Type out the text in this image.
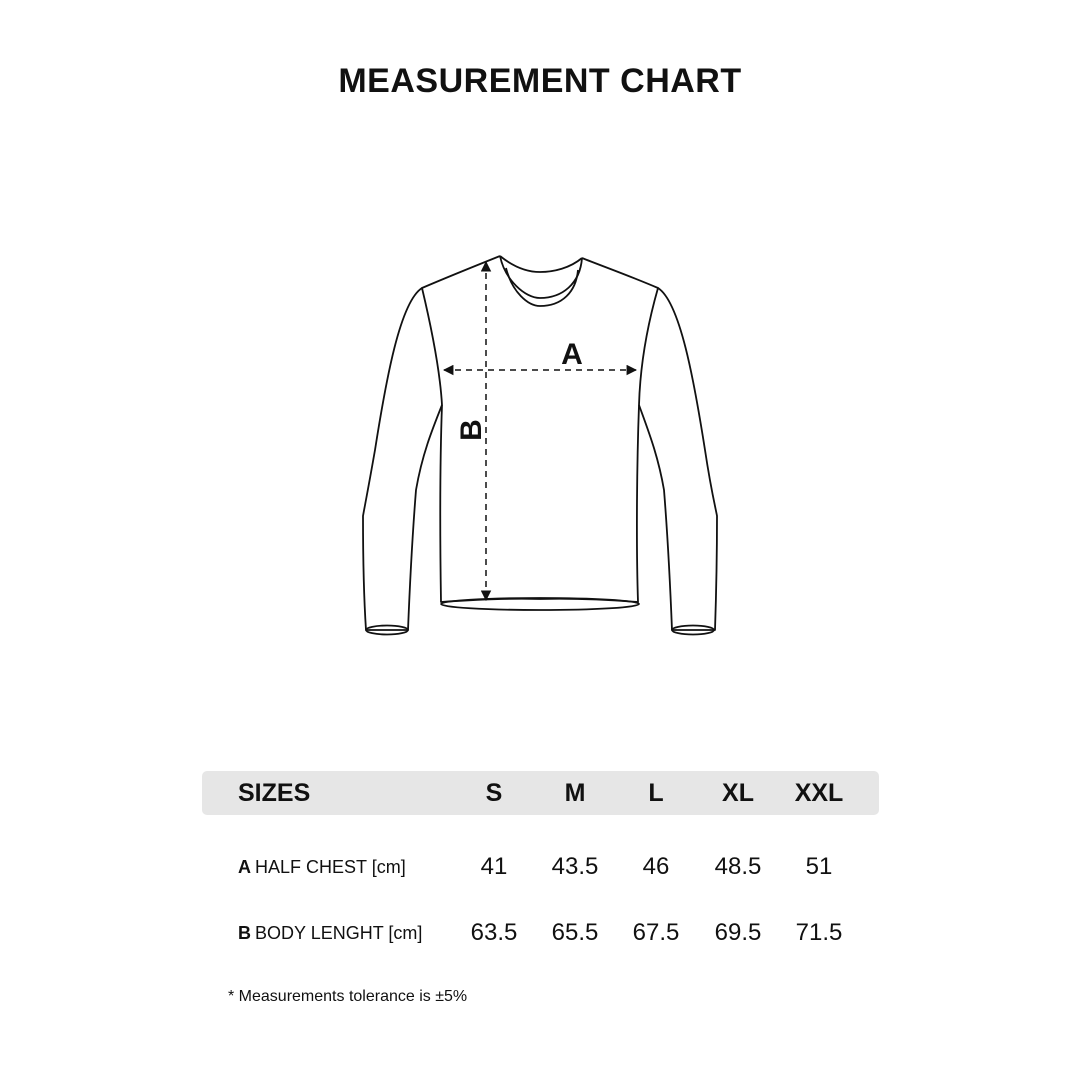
MEASUREMENT CHART
A
B
SIZES	S	M	L	XL	XXL
A HALF CHEST [cm]	41	43.5	46	48.5	51
B BODY LENGHT [cm]	63.5	65.5	67.5	69.5	71.5
* Measurements tolerance is ±5%
